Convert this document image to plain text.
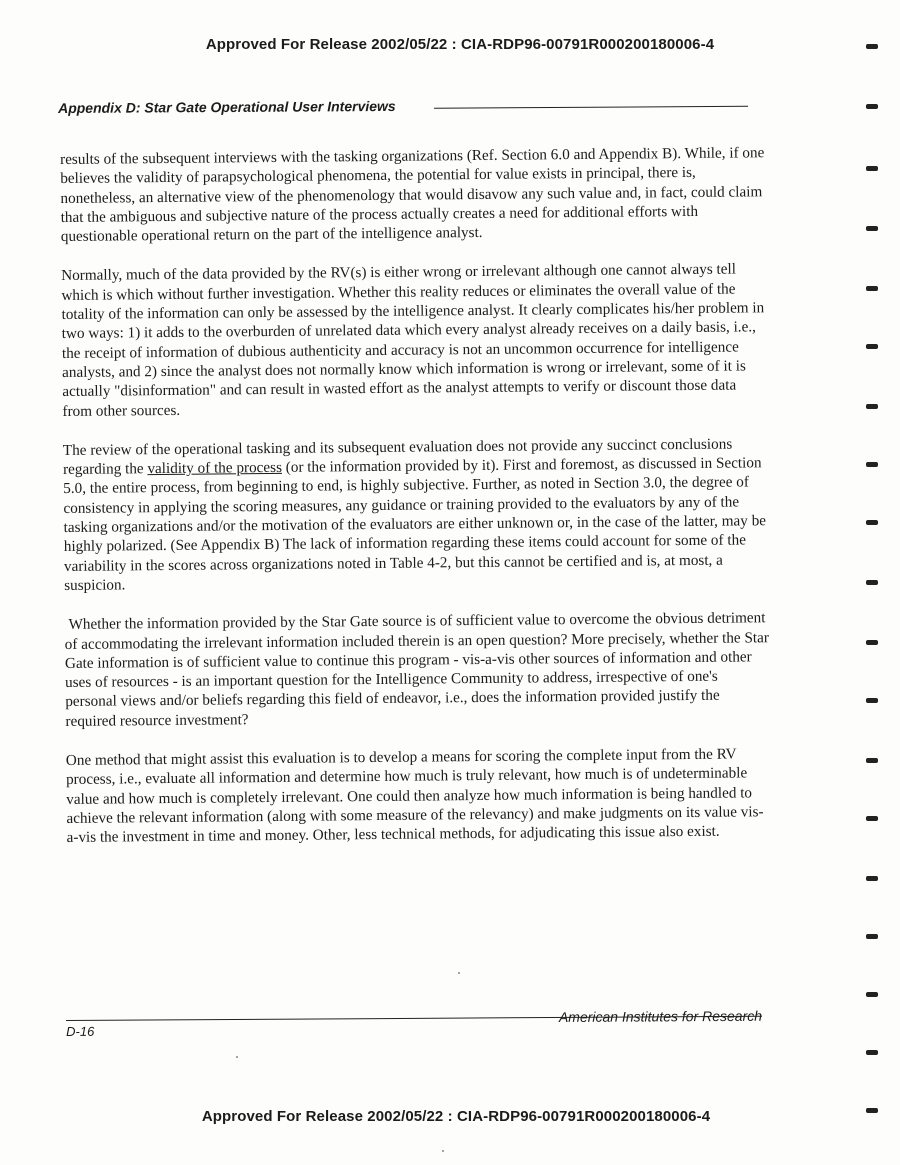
Approved For Release 2002/05/22 : CIA-RDP96-00791R000200180006-4
Appendix D: Star Gate Operational User Interviews

results of the subsequent interviews with the tasking organizations (Ref. Section 6.0 and Appendix B). While, if one believes the validity of parapsychological phenomena, the potential for value exists in principal, there is, nonetheless, an alternative view of the phenomenology that would disavow any such value and, in fact, could claim that the ambiguous and subjective nature of the process actually creates a need for additional efforts with questionable operational return on the part of the intelligence analyst.

Normally, much of the data provided by the RV(s) is either wrong or irrelevant although one cannot always tell which is which without further investigation. Whether this reality reduces or eliminates the overall value of the totality of the information can only be assessed by the intelligence analyst. It clearly complicates his/her problem in two ways: 1) it adds to the overburden of unrelated data which every analyst already receives on a daily basis, i.e., the receipt of information of dubious authenticity and accuracy is not an uncommon occurrence for intelligence analysts, and 2) since the analyst does not normally know which information is wrong or irrelevant, some of it is actually "disinformation" and can result in wasted effort as the analyst attempts to verify or discount those data from other sources.

The review of the operational tasking and its subsequent evaluation does not provide any succinct conclusions regarding the validity of the process (or the information provided by it). First and foremost, as discussed in Section 5.0, the entire process, from beginning to end, is highly subjective. Further, as noted in Section 3.0, the degree of consistency in applying the scoring measures, any guidance or training provided to the evaluators by any of the tasking organizations and/or the motivation of the evaluators are either unknown or, in the case of the latter, may be highly polarized. (See Appendix B) The lack of information regarding these items could account for some of the variability in the scores across organizations noted in Table 4-2, but this cannot be certified and is, at most, a suspicion.

Whether the information provided by the Star Gate source is of sufficient value to overcome the obvious detriment of accommodating the irrelevant information included therein is an open question? More precisely, whether the Star Gate information is of sufficient value to continue this program - vis-a-vis other sources of information and other uses of resources - is an important question for the Intelligence Community to address, irrespective of one's personal views and/or beliefs regarding this field of endeavor, i.e., does the information provided justify the required resource investment?

One method that might assist this evaluation is to develop a means for scoring the complete input from the RV process, i.e., evaluate all information and determine how much is truly relevant, how much is of undeterminable value and how much is completely irrelevant. One could then analyze how much information is being handled to achieve the relevant information (along with some measure of the relevancy) and make judgments on its value vis-a-vis the investment in time and money. Other, less technical methods, for adjudicating this issue also exist.

American Institutes for Research
D-16
Approved For Release 2002/05/22 : CIA-RDP96-00791R000200180006-4
